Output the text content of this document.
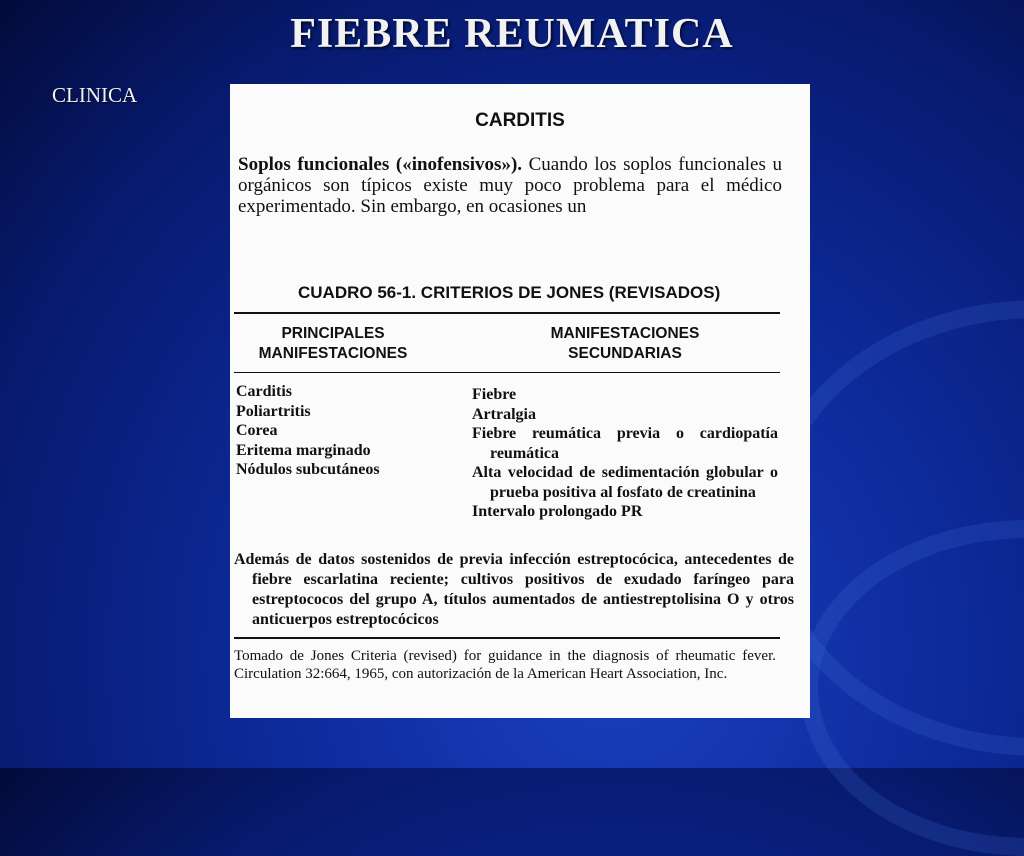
FIEBRE REUMATICA
CLINICA
CARDITIS
Soplos funcionales («inofensivos»). Cuando los soplos funcionales u orgánicos son típicos existe muy poco problema para el médico experimentado. Sin embargo, en ocasiones un
CUADRO 56-1. CRITERIOS DE JONES (REVISADOS)
PRINCIPALES
MANIFESTACIONES
MANIFESTACIONES
SECUNDARIAS
Carditis
Poliartritis
Corea
Eritema marginado
Nódulos subcutáneos
Fiebre
Artralgia
Fiebre reumática previa o cardiopatía reumática
Alta velocidad de sedimentación globular o prueba positiva al fosfato de creatinina
Intervalo prolongado PR
Además de datos sostenidos de previa infección estreptocócica, antecedentes de fiebre escarlatina reciente; cultivos positivos de exudado faríngeo para estreptococos del grupo A, títulos aumentados de antiestreptolisina O y otros anticuerpos estreptocócicos
Tomado de Jones Criteria (revised) for guidance in the diagnosis of rheumatic fever. Circulation 32:664, 1965, con autorización de la American Heart Association, Inc.
